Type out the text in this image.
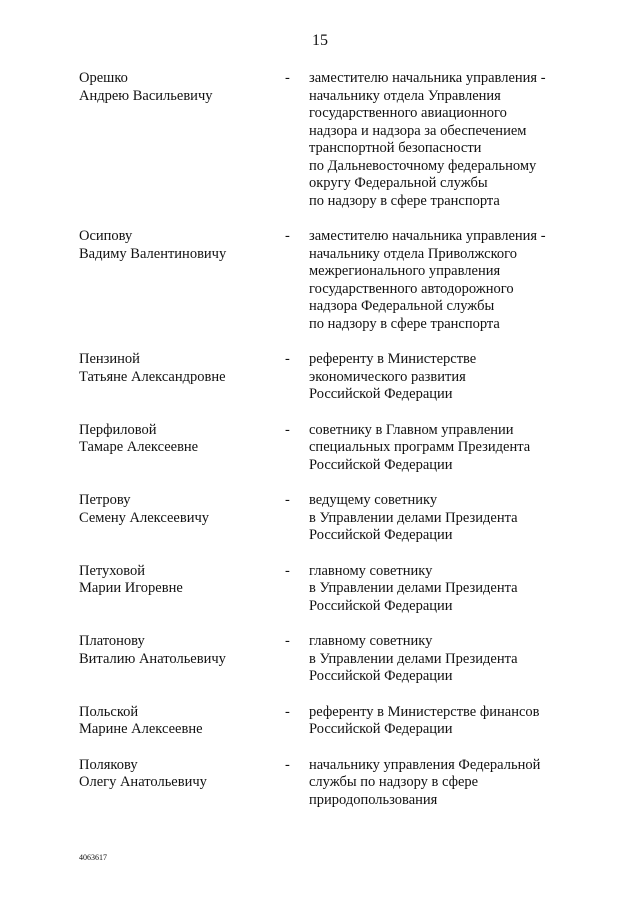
15
Орешко
Андрею Васильевичу
-	заместителю начальника управления -
начальнику отдела Управления
государственного авиационного
надзора и надзора за обеспечением
транспортной безопасности
по Дальневосточному федеральному
округу Федеральной службы
по надзору в сфере транспорта
Осипову
Вадиму Валентиновичу
-	заместителю начальника управления -
начальнику отдела Приволжского
межрегионального управления
государственного автодорожного
надзора Федеральной службы
по надзору в сфере транспорта
Пензиной
Татьяне Александровне
-	референту в Министерстве
экономического развития
Российской Федерации
Перфиловой
Тамаре Алексеевне
-	советнику в Главном управлении
специальных программ Президента
Российской Федерации
Петрову
Семену Алексеевичу
-	ведущему советнику
в Управлении делами Президента
Российской Федерации
Петуховой
Марии Игоревне
-	главному советнику
в Управлении делами Президента
Российской Федерации
Платонову
Виталию Анатольевичу
-	главному советнику
в Управлении делами Президента
Российской Федерации
Польской
Марине Алексеевне
-	референту в Министерстве финансов
Российской Федерации
Полякову
Олегу Анатольевичу
-	начальнику управления Федеральной
службы по надзору в сфере
природопользования
4063617
